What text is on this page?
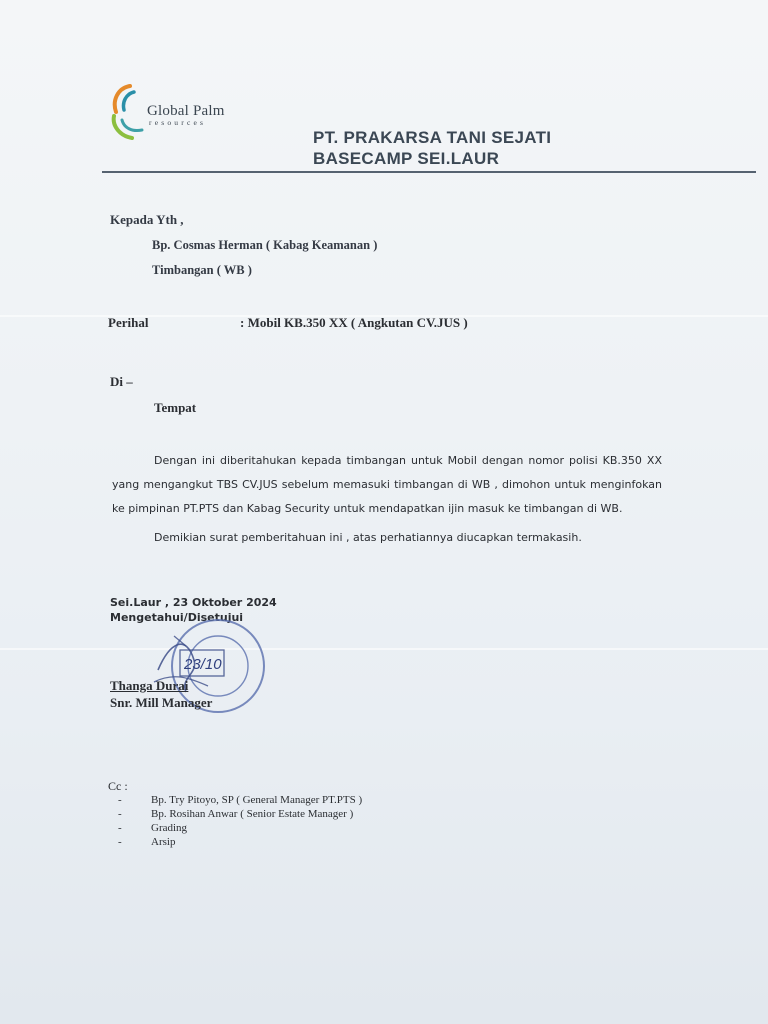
Global Palm
resources
PT. PRAKARSA TANI SEJATI
BASECAMP SEI.LAUR
Kepada Yth ,
Bp. Cosmas Herman ( Kabag Keamanan )
Timbangan ( WB )
Perihal	: Mobil KB.350 XX ( Angkutan CV.JUS )
Di –
Tempat
Dengan ini diberitahukan kepada timbangan untuk Mobil dengan nomor polisi KB.350 XX yang mengangkut TBS CV.JUS sebelum memasuki timbangan di WB , dimohon untuk menginfokan ke pimpinan PT.PTS dan Kabag Security untuk mendapatkan ijin masuk ke timbangan di WB.
Demikian surat pemberitahuan ini , atas perhatiannya diucapkan termakasih.
Sei.Laur , 23 Oktober 2024
Mengetahui/Disetujui
23/10
Thanga Durai
Snr. Mill Manager
Cc :
-	Bp. Try Pitoyo, SP ( General Manager PT.PTS )
-	Bp. Rosihan Anwar ( Senior Estate Manager )
-	Grading
-	Arsip
